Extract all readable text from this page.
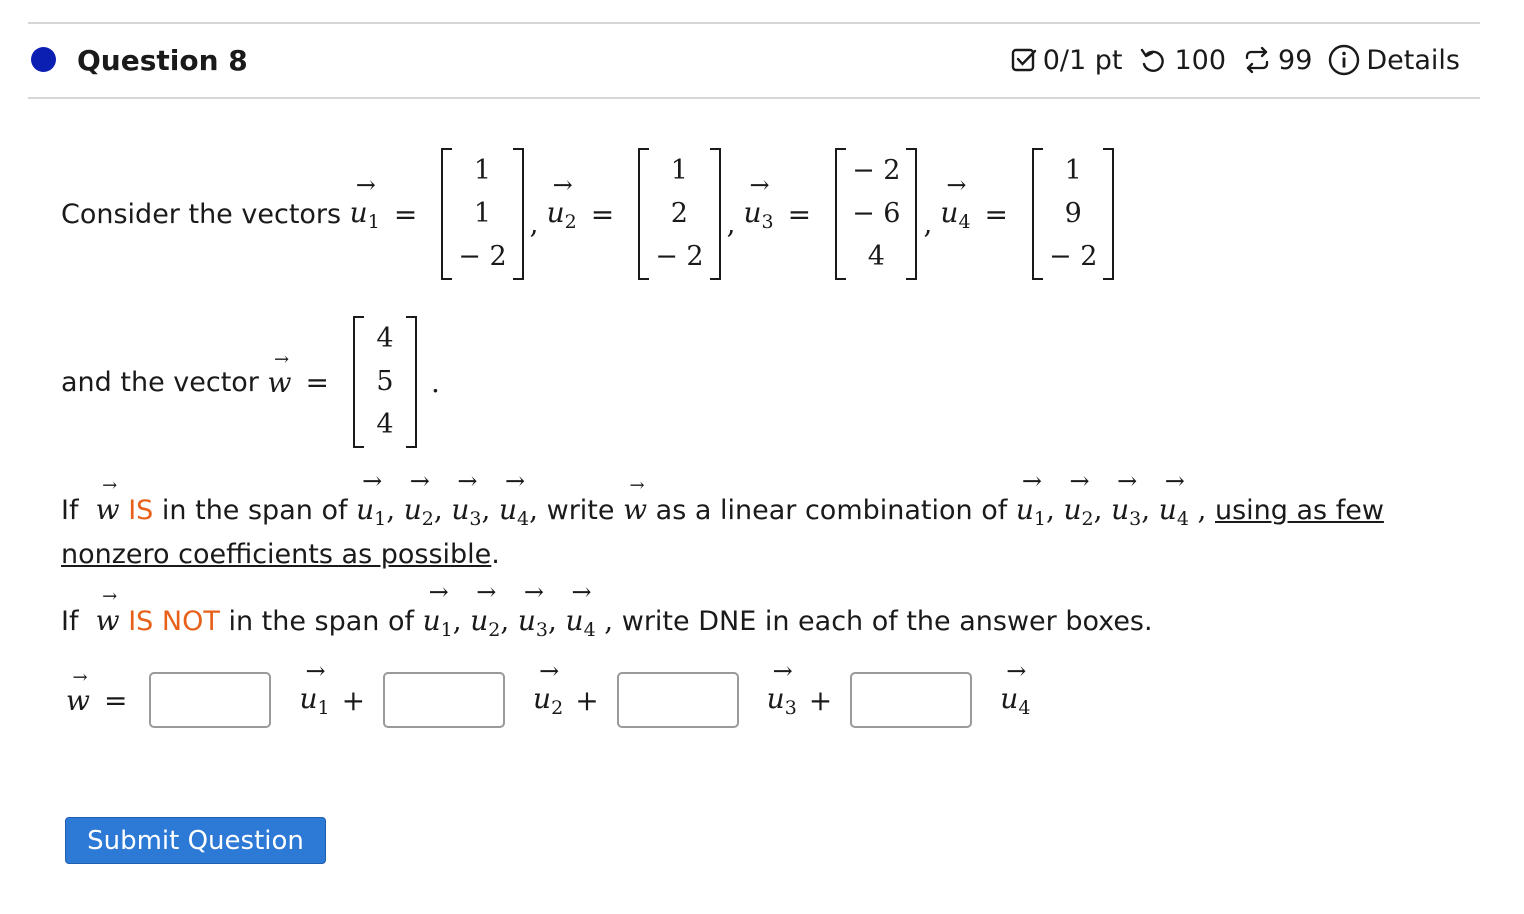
Question 8	0/1 pt 100 99 Details
Consider the vectors
→
$u_1$ =
1
1
− 2
,
→
$u_2$ =
1
2
− 2
,
→
$u_3$ =
− 2
− 6
4
,
→
$u_4$ =
1
9
− 2
and the vector
→
w =
4
5
4
.
If
→
w IS in the span of
→
$u_1$,
→
$u_2$,
→
$u_3$,
→
$u_4$, write
→
w as a linear combination of
→
$u_1$,
→
$u_2$,
→
$u_3$,
→
$u_4$ , using as few
nonzero coefficients as possible.
If
→
w IS NOT in the span of
→
$u_1$,
→
$u_2$,
→
$u_3$,
→
$u_4$ , write DNE in each of the answer boxes.
→
w =
→
$u_1$ +
→
$u_2$ +
→
$u_3$ +
→
$u_4$
Submit Question
